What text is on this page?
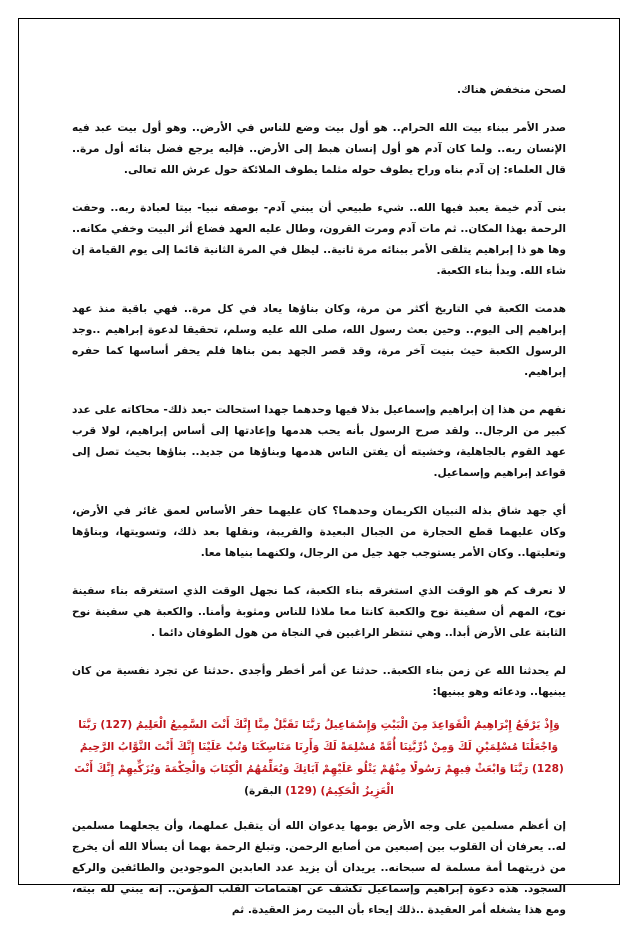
لصحن منخفض هناك.

صدر الأمر ببناء بيت الله الحرام.. هو أول بيت وضع للناس في الأرض.. وهو أول بيت عبد فيه الإنسان ربه.. ولما كان آدم هو أول إنسان هبط إلى الأرض.. فإليه يرجع فضل بنائه أول مرة.. قال العلماء: إن آدم بناه وراح يطوف حوله مثلما يطوف الملائكة حول عرش الله تعالى.

بنى آدم خيمة يعبد فيها الله.. شيء طبيعي أن يبني آدم- بوصفه نبيا- بيتا لعبادة ربه.. وحفت الرحمة بهذا المكان.. ثم مات آدم ومرت القرون، وطال عليه العهد فضاع أثر البيت وخفي مكانه.. وها هو ذا إبراهيم يتلقى الأمر ببنائه مرة ثانية.. ليظل في المرة الثانية قائما إلى يوم القيامة إن شاء الله. وبدأ بناء الكعبة.

هدمت الكعبة في التاريخ أكثر من مرة، وكان بناؤها يعاد في كل مرة.. فهي باقية منذ عهد إبراهيم إلى اليوم.. وحين بعث رسول الله، صلى الله عليه وسلم، تحقيقا لدعوة إبراهيم ..وجد الرسول الكعبة حيث بنيت آخر مرة، وقد قصر الجهد بمن بناها فلم يحفر أساسها كما حفره إبراهيم.

نفهم من هذا إن إبراهيم وإسماعيل بذلا فيها وحدهما جهدا استحالت -بعد ذلك- محاكاته على عدد كبير من الرجال.. ولقد صرح الرسول بأنه يحب هدمها وإعادتها إلى أساس إبراهيم، لولا قرب عهد القوم بالجاهلية، وخشيته أن يفتن الناس هدمها وبناؤها من جديد.. بناؤها بحيث تصل إلى قواعد إبراهيم وإسماعيل.

أي جهد شاق بذله النبيان الكريمان وحدهما؟ كان عليهما حفر الأساس لعمق غائر في الأرض، وكان عليهما قطع الحجارة من الجبال البعيدة والقريبة، ونقلها بعد ذلك، وتسويتها، وبناؤها وتعليتها.. وكان الأمر يستوجب جهد جيل من الرجال، ولكنهما بنياها معا.

لا نعرف كم هو الوقت الذي استغرقه بناء الكعبة، كما نجهل الوقت الذي استغرقه بناء سفينة نوح، المهم أن سفينة نوح والكعبة كانتا معا ملاذا للناس ومثوبة وأمنا.. والكعبة هي سفينة نوح الثابتة على الأرض أبدا.. وهي تنتظر الراغبين في النجاة من هول الطوفان دائما .

لم يحدثنا الله عن زمن بناء الكعبة.. حدثنا عن أمر أخطر وأجدى .حدثنا عن تجرد نفسية من كان يبنيها.. ودعائه وهو يبنيها:

وَإِذْ يَرْفَعُ إِبْرَاهِيمُ الْقَوَاعِدَ مِنَ الْبَيْتِ وَإِسْمَاعِيلُ رَبَّنَا تَقَبَّلْ مِنَّا إِنَّكَ أَنْتَ السَّمِيعُ الْعَلِيمُ (127) رَبَّنَا وَاجْعَلْنَا مُسْلِمَيْنِ لَكَ وَمِنْ ذُرِّيَّتِنَا أُمَّةً مُسْلِمَةً لَكَ وَأَرِنَا مَنَاسِكَنَا وَتُبْ عَلَيْنَا إِنَّكَ أَنْتَ التَّوَّابُ الرَّحِيمُ (128) رَبَّنَا وَابْعَثْ فِيهِمْ رَسُولًا مِنْهُمْ يَتْلُو عَلَيْهِمْ آيَاتِكَ وَيُعَلِّمُهُمُ الْكِتَابَ وَالْحِكْمَةَ وَيُزَكِّيهِمْ إِنَّكَ أَنْتَ الْعَزِيزُ الْحَكِيمُ) (129) البقرة)

إن أعظم مسلمين على وجه الأرض يومها يدعوان الله أن يتقبل عملهما، وأن يجعلهما مسلمين له.. يعرفان أن القلوب بين إصبعين من أصابع الرحمن. وتبلغ الرحمة بهما أن يسألا الله أن يخرج من ذريتهما أمة مسلمة له سبحانه.. يريدان أن يزيد عدد العابدين الموجودين والطائفين والركع السجود. هذه دعوة إبراهيم وإسماعيل تكشف عن اهتمامات القلب المؤمن.. إنه يبني لله بيته، ومع هذا يشغله أمر العقيدة ..ذلك إيحاء بأن البيت رمز العقيدة. ثم
